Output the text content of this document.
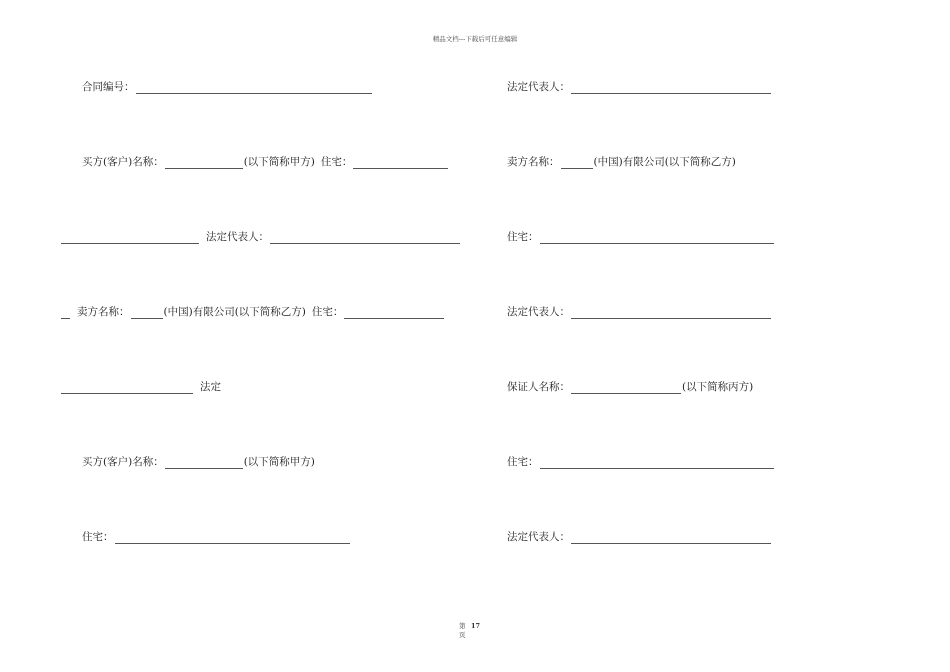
精品文档---下载后可任意编辑
合同编号：
买方(客户)名称：	(以下简称甲方) 住宅：
法定代表人：
卖方名称：	(中国)有限公司(以下简称乙方) 住宅：
法定
买方(客户)名称：	(以下简称甲方)
住宅：
法定代表人：
卖方名称：	(中国)有限公司(以下简称乙方)
住宅：
法定代表人：
保证人名称：	(以下简称丙方)
住宅：
法定代表人：
第 页
17
